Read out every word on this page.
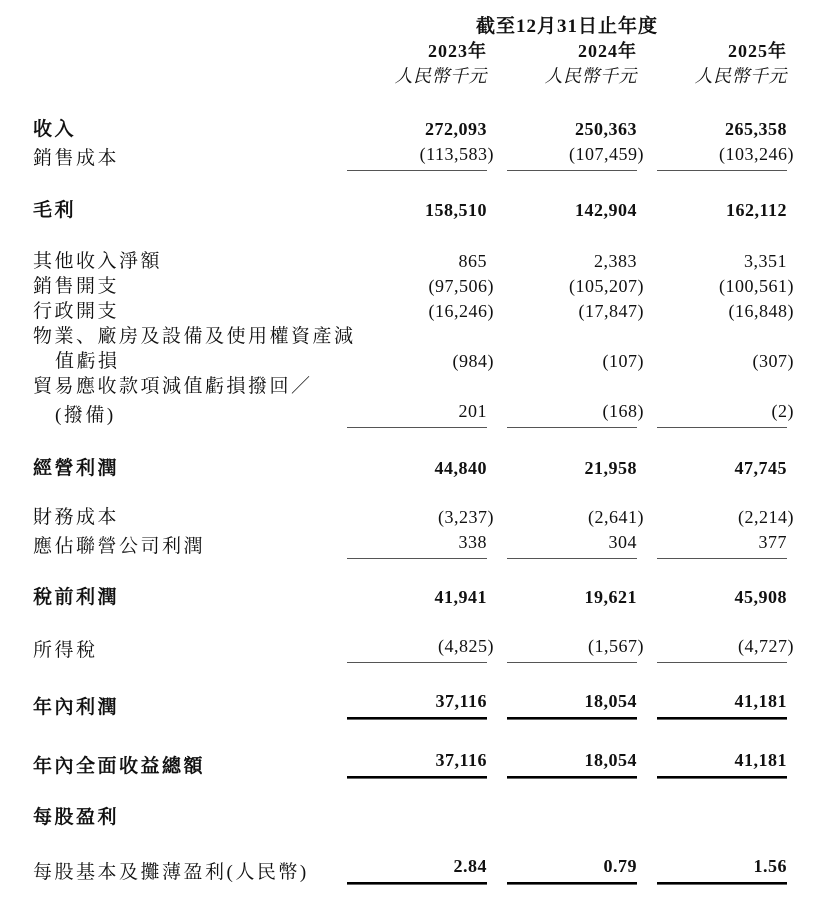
	截至12月31日止年度				
	2023年		2024年		2025年
	人民幣千元		人民幣千元		人民幣千元
收入	272,093		250,363		265,358
銷售成本	(113,583)		(107,459)		(103,246)

毛利	158,510		142,904		162,112
其他收入淨額	865		2,383		3,351
銷售開支	(97,506)		(105,207)		(100,561)
行政開支	(16,246)		(17,847)		(16,848)
物業、廠房及設備及使用權資產減					
值虧損	(984)		(107)		(307)
貿易應收款項減值虧損撥回／					
(撥備)	201		(168)		(2)

經營利潤	44,840		21,958		47,745
財務成本	(3,237)		(2,641)		(2,214)
應佔聯營公司利潤	338		304		377

稅前利潤	41,941		19,621		45,908
所得稅	(4,825)		(1,567)		(4,727)

年內利潤	37,116		18,054		41,181

年內全面收益總額	37,116		18,054		41,181

每股盈利					
每股基本及攤薄盈利(人民幣)	2.84		0.79		1.56
